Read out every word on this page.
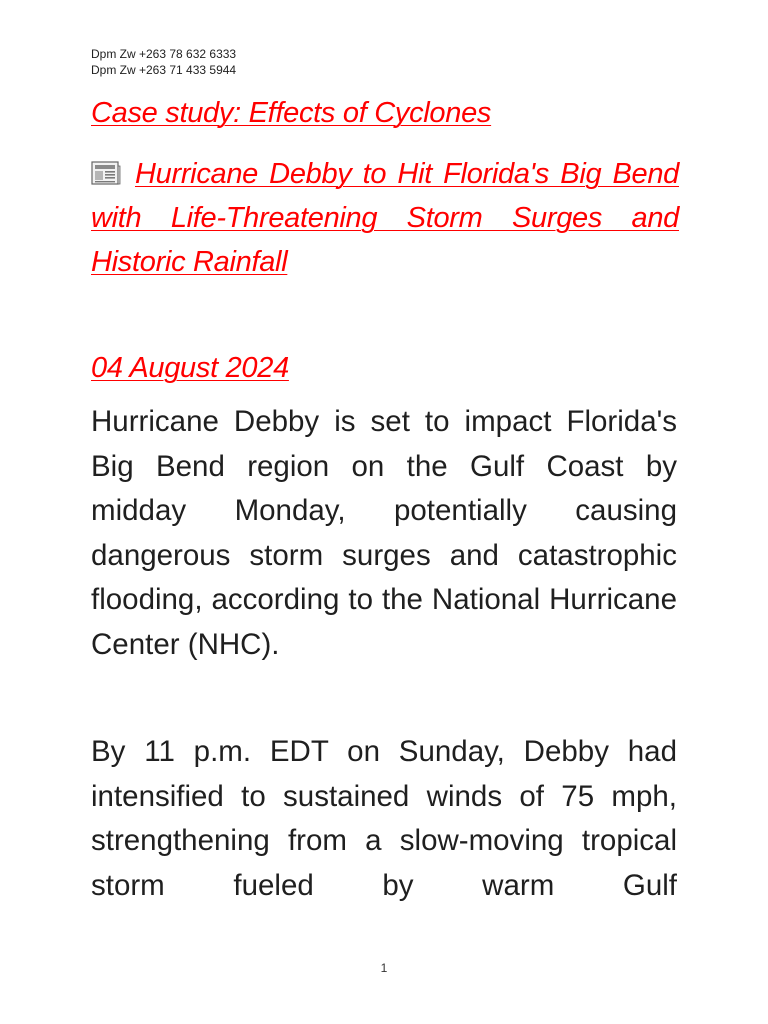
Dpm Zw +263 78 632 6333
Dpm Zw +263 71 433 5944
Case study: Effects of Cyclones
Hurricane Debby to Hit Florida's Big Bend with Life-Threatening Storm Surges and Historic Rainfall
04 August 2024
Hurricane Debby is set to impact Florida's Big Bend region on the Gulf Coast by midday Monday, potentially causing dangerous storm surges and catastrophic flooding, according to the National Hurricane Center (NHC).
By 11 p.m. EDT on Sunday, Debby had intensified to sustained winds of 75 mph, strengthening from a slow-moving tropical storm fueled by warm Gulf
1
